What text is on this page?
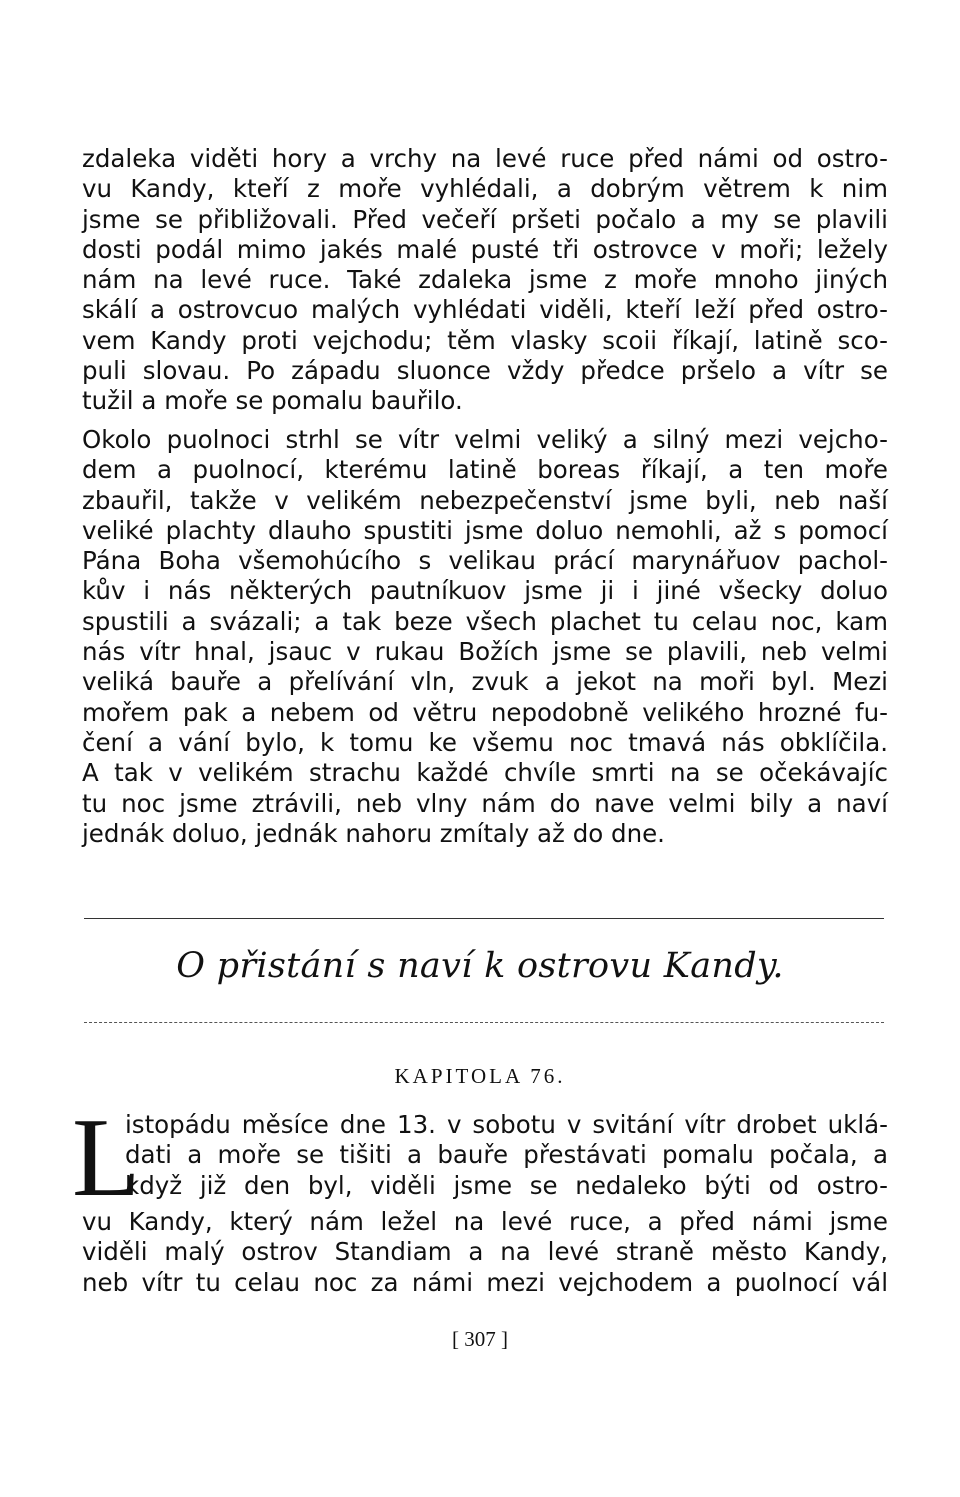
zdaleka viděti hory a vrchy na levé ruce před námi od ostro-
vu Kandy, kteří z moře vyhlédali, a dobrým větrem k nim
jsme se přibližovali. Před večeří pršeti počalo a my se plavili
dosti podál mimo jakés malé pusté tři ostrovce v moři; ležely
nám na levé ruce. Také zdaleka jsme z moře mnoho jiných
skálí a ostrovcuo malých vyhlédati viděli, kteří leží před ostro-
vem Kandy proti vejchodu; těm vlasky scoii říkají, latině sco-
puli slovau. Po západu sluonce vždy předce pršelo a vítr se
tužil a moře se pomalu bauřilo.
Okolo puolnoci strhl se vítr velmi veliký a silný mezi vejcho-
dem a puolnocí, kterému latině boreas říkají, a ten moře
zbauřil, takže v velikém nebezpečenství jsme byli, neb naší
veliké plachty dlauho spustiti jsme doluo nemohli, až s pomocí
Pána Boha všemohúcího s velikau prácí marynářuov pachol-
kův i nás některých pautníkuov jsme ji i jiné všecky doluo
spustili a svázali; a tak beze všech plachet tu celau noc, kam
nás vítr hnal, jsauc v rukau Božích jsme se plavili, neb velmi
veliká bauře a přelívání vln, zvuk a jekot na moři byl. Mezi
mořem pak a nebem od větru nepodobně velikého hrozné fu-
čení a vání bylo, k tomu ke všemu noc tmavá nás obklíčila.
A tak v velikém strachu každé chvíle smrti na se očekávajíc
tu noc jsme ztrávili, neb vlny nám do nave velmi bily a naví
jednák doluo, jednák nahoru zmítaly až do dne.
O přistání s naví k ostrovu Kandy.
KAPITOLA 76.
L
istopádu měsíce dne 13. v sobotu v svitání vítr drobet uklá-
dati a moře se tišiti a bauře přestávati pomalu počala, a
když již den byl, viděli jsme se nedaleko býti od ostro-
vu Kandy, který nám ležel na levé ruce, a před námi jsme
viděli malý ostrov Standiam a na levé straně město Kandy,
neb vítr tu celau noc za námi mezi vejchodem a puolnocí vál
[ 307 ]
